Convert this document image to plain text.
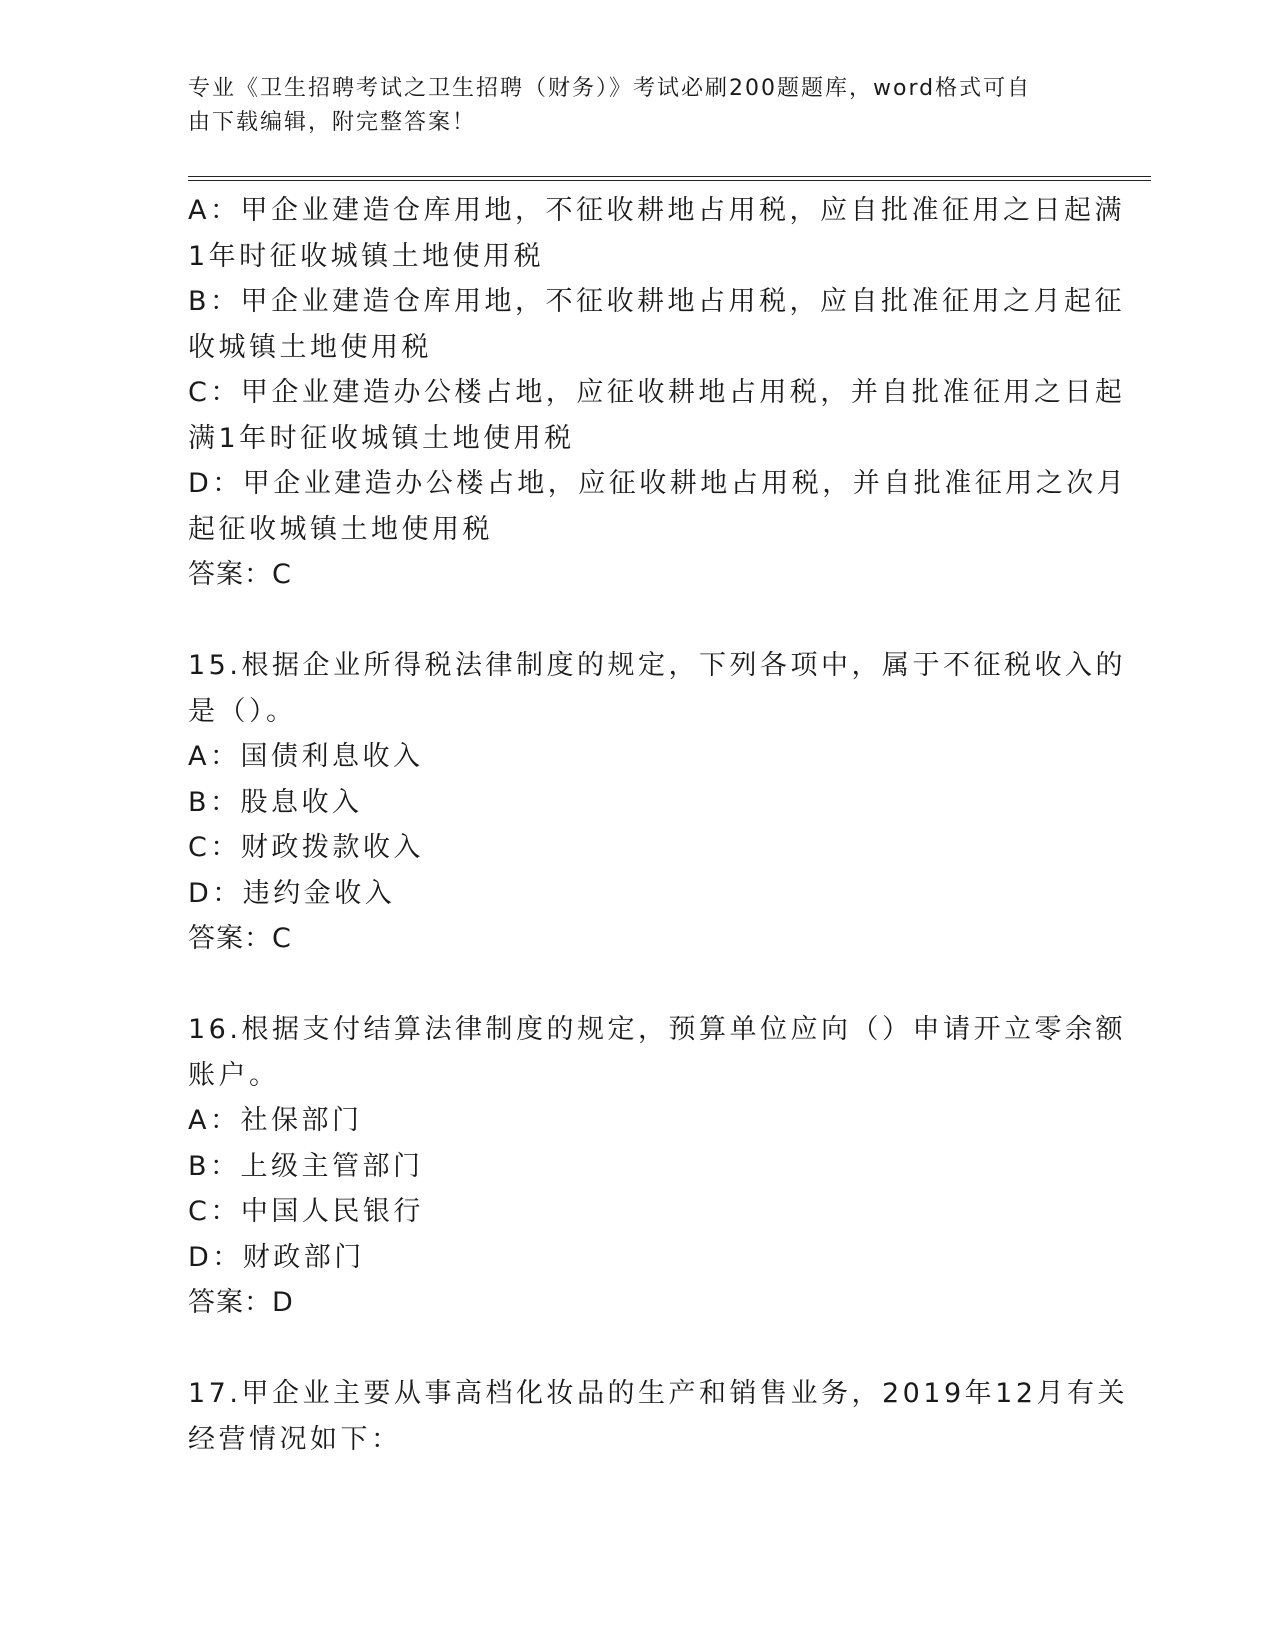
专业《卫生招聘考试之卫生招聘（财务）》考试必刷200题题库，word格式可自
由下载编辑，附完整答案！
A：甲企业建造仓库用地，不征收耕地占用税，应自批准征用之日起满
1年时征收城镇土地使用税
B：甲企业建造仓库用地，不征收耕地占用税，应自批准征用之月起征
收城镇土地使用税
C：甲企业建造办公楼占地，应征收耕地占用税，并自批准征用之日起
满1年时征收城镇土地使用税
D：甲企业建造办公楼占地，应征收耕地占用税，并自批准征用之次月
起征收城镇土地使用税
答案：C
15.根据企业所得税法律制度的规定，下列各项中，属于不征税收入的
是（）。
A：国债利息收入
B：股息收入
C：财政拨款收入
D：违约金收入
答案：C
16.根据支付结算法律制度的规定，预算单位应向（）申请开立零余额
账户。
A：社保部门
B：上级主管部门
C：中国人民银行
D：财政部门
答案：D
17.甲企业主要从事高档化妆品的生产和销售业务，2019年12月有关
经营情况如下：
